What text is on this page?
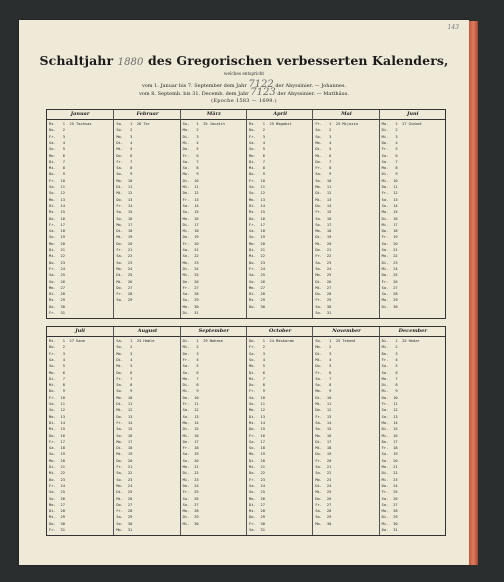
143
Schaltjahr 1880 des Gregorischen verbesserten Kalenders,
welches entspricht
vom 1. Januar bis 7. September dem Jahr 7122 der Abyssinier. — Johannes.
vom 8. Septemb. bis 31. Decemb. dem Jahr 7123 der Abyssinier. — Matthäus.
(Epoche 1583 — 1699.)
Januar
Mi. 1 25 Tachsas
Do. 2
Fr. 3
Sa. 4
So. 5
Mo. 6
Di. 7
Mi. 8
Do. 9
Fr. 10
Sa. 11
So. 12
Mo. 13
Di. 14
Mi. 15
Do. 16
Fr. 17
Sa. 18
So. 19
Mo. 20
Di. 21
Mi. 22
Do. 23
Fr. 24
Sa. 25
So. 26
Mo. 27
Di. 28
Mi. 29
Do. 30
Fr. 31
Februar
Sa. 1 26 Ter
So. 2
Mo. 3
Di. 4
Mi. 5
Do. 6
Fr. 7
Sa. 8
So. 9
Mo. 10
Di. 11
Mi. 12
Do. 13
Fr. 14
Sa. 15
So. 16
Mo. 17
Di. 18
Mi. 19
Do. 20
Fr. 21
Sa. 22
So. 23
Mo. 24
Di. 25
Mi. 26
Do. 27
Fr. 28
Sa. 29
März
So. 1 25 Jacatit
Mo. 2
Di. 3
Mi. 4
Do. 5
Fr. 6
Sa. 7
So. 8
Mo. 9
Di. 10
Mi. 11
Do. 12
Fr. 13
Sa. 14
So. 15
Mo. 16
Di. 17
Mi. 18
Do. 19
Fr. 20
Sa. 21
So. 22
Mo. 23
Di. 24
Mi. 25
Do. 26
Fr. 27
Sa. 28
So. 29
Mo. 30
Di. 31
April
Mi. 1 25 Magabit
Do. 2
Fr. 3
Sa. 4
So. 5
Mo. 6
Di. 7
Mi. 8
Do. 9
Fr. 10
Sa. 11
So. 12
Mo. 13
Di. 14
Mi. 15
Do. 16
Fr. 17
Sa. 18
So. 19
Mo. 20
Di. 21
Mi. 22
Do. 23
Fr. 24
Sa. 25
So. 26
Mo. 27
Di. 28
Mi. 29
Do. 30
Mai
Fr. 1 25 Mijazia
Sa. 2
So. 3
Mo. 4
Di. 5
Mi. 6
Do. 7
Fr. 8
Sa. 9
So. 10
Mo. 11
Di. 12
Mi. 13
Do. 14
Fr. 15
Sa. 16
So. 17
Mo. 18
Di. 19
Mi. 20
Do. 21
Fr. 22
Sa. 23
So. 24
Mo. 25
Di. 26
Mi. 27
Do. 28
Fr. 29
Sa. 30
So. 31
Juni
Mo. 1 27 Ginbot
Di. 2
Mi. 3
Do. 4
Fr. 5
Sa. 6
So. 7
Mo. 8
Di. 9
Mi. 10
Do. 11
Fr. 12
Sa. 13
So. 14
Mo. 15
Di. 16
Mi. 17
Do. 18
Fr. 19
Sa. 20
So. 21
Mo. 22
Di. 23
Mi. 24
Do. 25
Fr. 26
Sa. 27
So. 28
Mo. 29
Di. 30
Juli
Mi. 1 27 Sane
Do. 2
Fr. 3
Sa. 4
So. 5
Mo. 6
Di. 7
Mi. 8
Do. 9
Fr. 10
Sa. 11
So. 12
Mo. 13
Di. 14
Mi. 15
Do. 16
Fr. 17
Sa. 18
So. 19
Mo. 20
Di. 21
Mi. 22
Do. 23
Fr. 24
Sa. 25
So. 26
Mo. 27
Di. 28
Mi. 29
Do. 30
Fr. 31
August
Sa. 1 25 Hamle
So. 2
Mo. 3
Di. 4
Mi. 5
Do. 6
Fr. 7
Sa. 8
So. 9
Mo. 10
Di. 11
Mi. 12
Do. 13
Fr. 14
Sa. 15
So. 16
Mo. 17
Di. 18
Mi. 19
Do. 20
Fr. 21
Sa. 22
So. 23
Mo. 24
Di. 25
Mi. 26
Do. 27
Fr. 28
Sa. 29
So. 30
Mo. 31
September
Di. 1 29 Nahase
Mi. 2
Do. 3
Fr. 4
Sa. 5
So. 6
Mo. 7
Di. 8
Mi. 9
Do. 10
Fr. 11
Sa. 12
So. 13
Mo. 14
Di. 15
Mi. 16
Do. 17
Fr. 18
Sa. 19
So. 20
Mo. 21
Di. 22
Mi. 23
Do. 24
Fr. 25
Sa. 26
So. 27
Mo. 28
Di. 29
Mi. 30
October
Do. 1 24 Maskaram
Fr. 2
Sa. 3
So. 4
Mo. 5
Di. 6
Mi. 7
Do. 8
Fr. 9
Sa. 10
So. 11
Mo. 12
Di. 13
Mi. 14
Do. 15
Fr. 16
Sa. 17
So. 18
Mo. 19
Di. 20
Mi. 21
Do. 22
Fr. 23
Sa. 24
So. 25
Mo. 26
Di. 27
Mi. 28
Do. 29
Fr. 30
Sa. 31
November
So. 1 25 Tekemt
Mo. 2
Di. 3
Mi. 4
Do. 5
Fr. 6
Sa. 7
So. 8
Mo. 9
Di. 10
Mi. 11
Do. 12
Fr. 13
Sa. 14
So. 15
Mo. 16
Di. 17
Mi. 18
Do. 19
Fr. 20
Sa. 21
So. 22
Mo. 23
Di. 24
Mi. 25
Do. 26
Fr. 27
Sa. 28
So. 29
Mo. 30
December
Di. 1 25 Hedar
Mi. 2
Do. 3
Fr. 4
Sa. 5
So. 6
Mo. 7
Di. 8
Mi. 9
Do. 10
Fr. 11
Sa. 12
So. 13
Mo. 14
Di. 15
Mi. 16
Do. 17
Fr. 18
Sa. 19
So. 20
Mo. 21
Di. 22
Mi. 23
Do. 24
Fr. 25
Sa. 26
So. 27
Mo. 28
Di. 29
Mi. 30
Do. 31
